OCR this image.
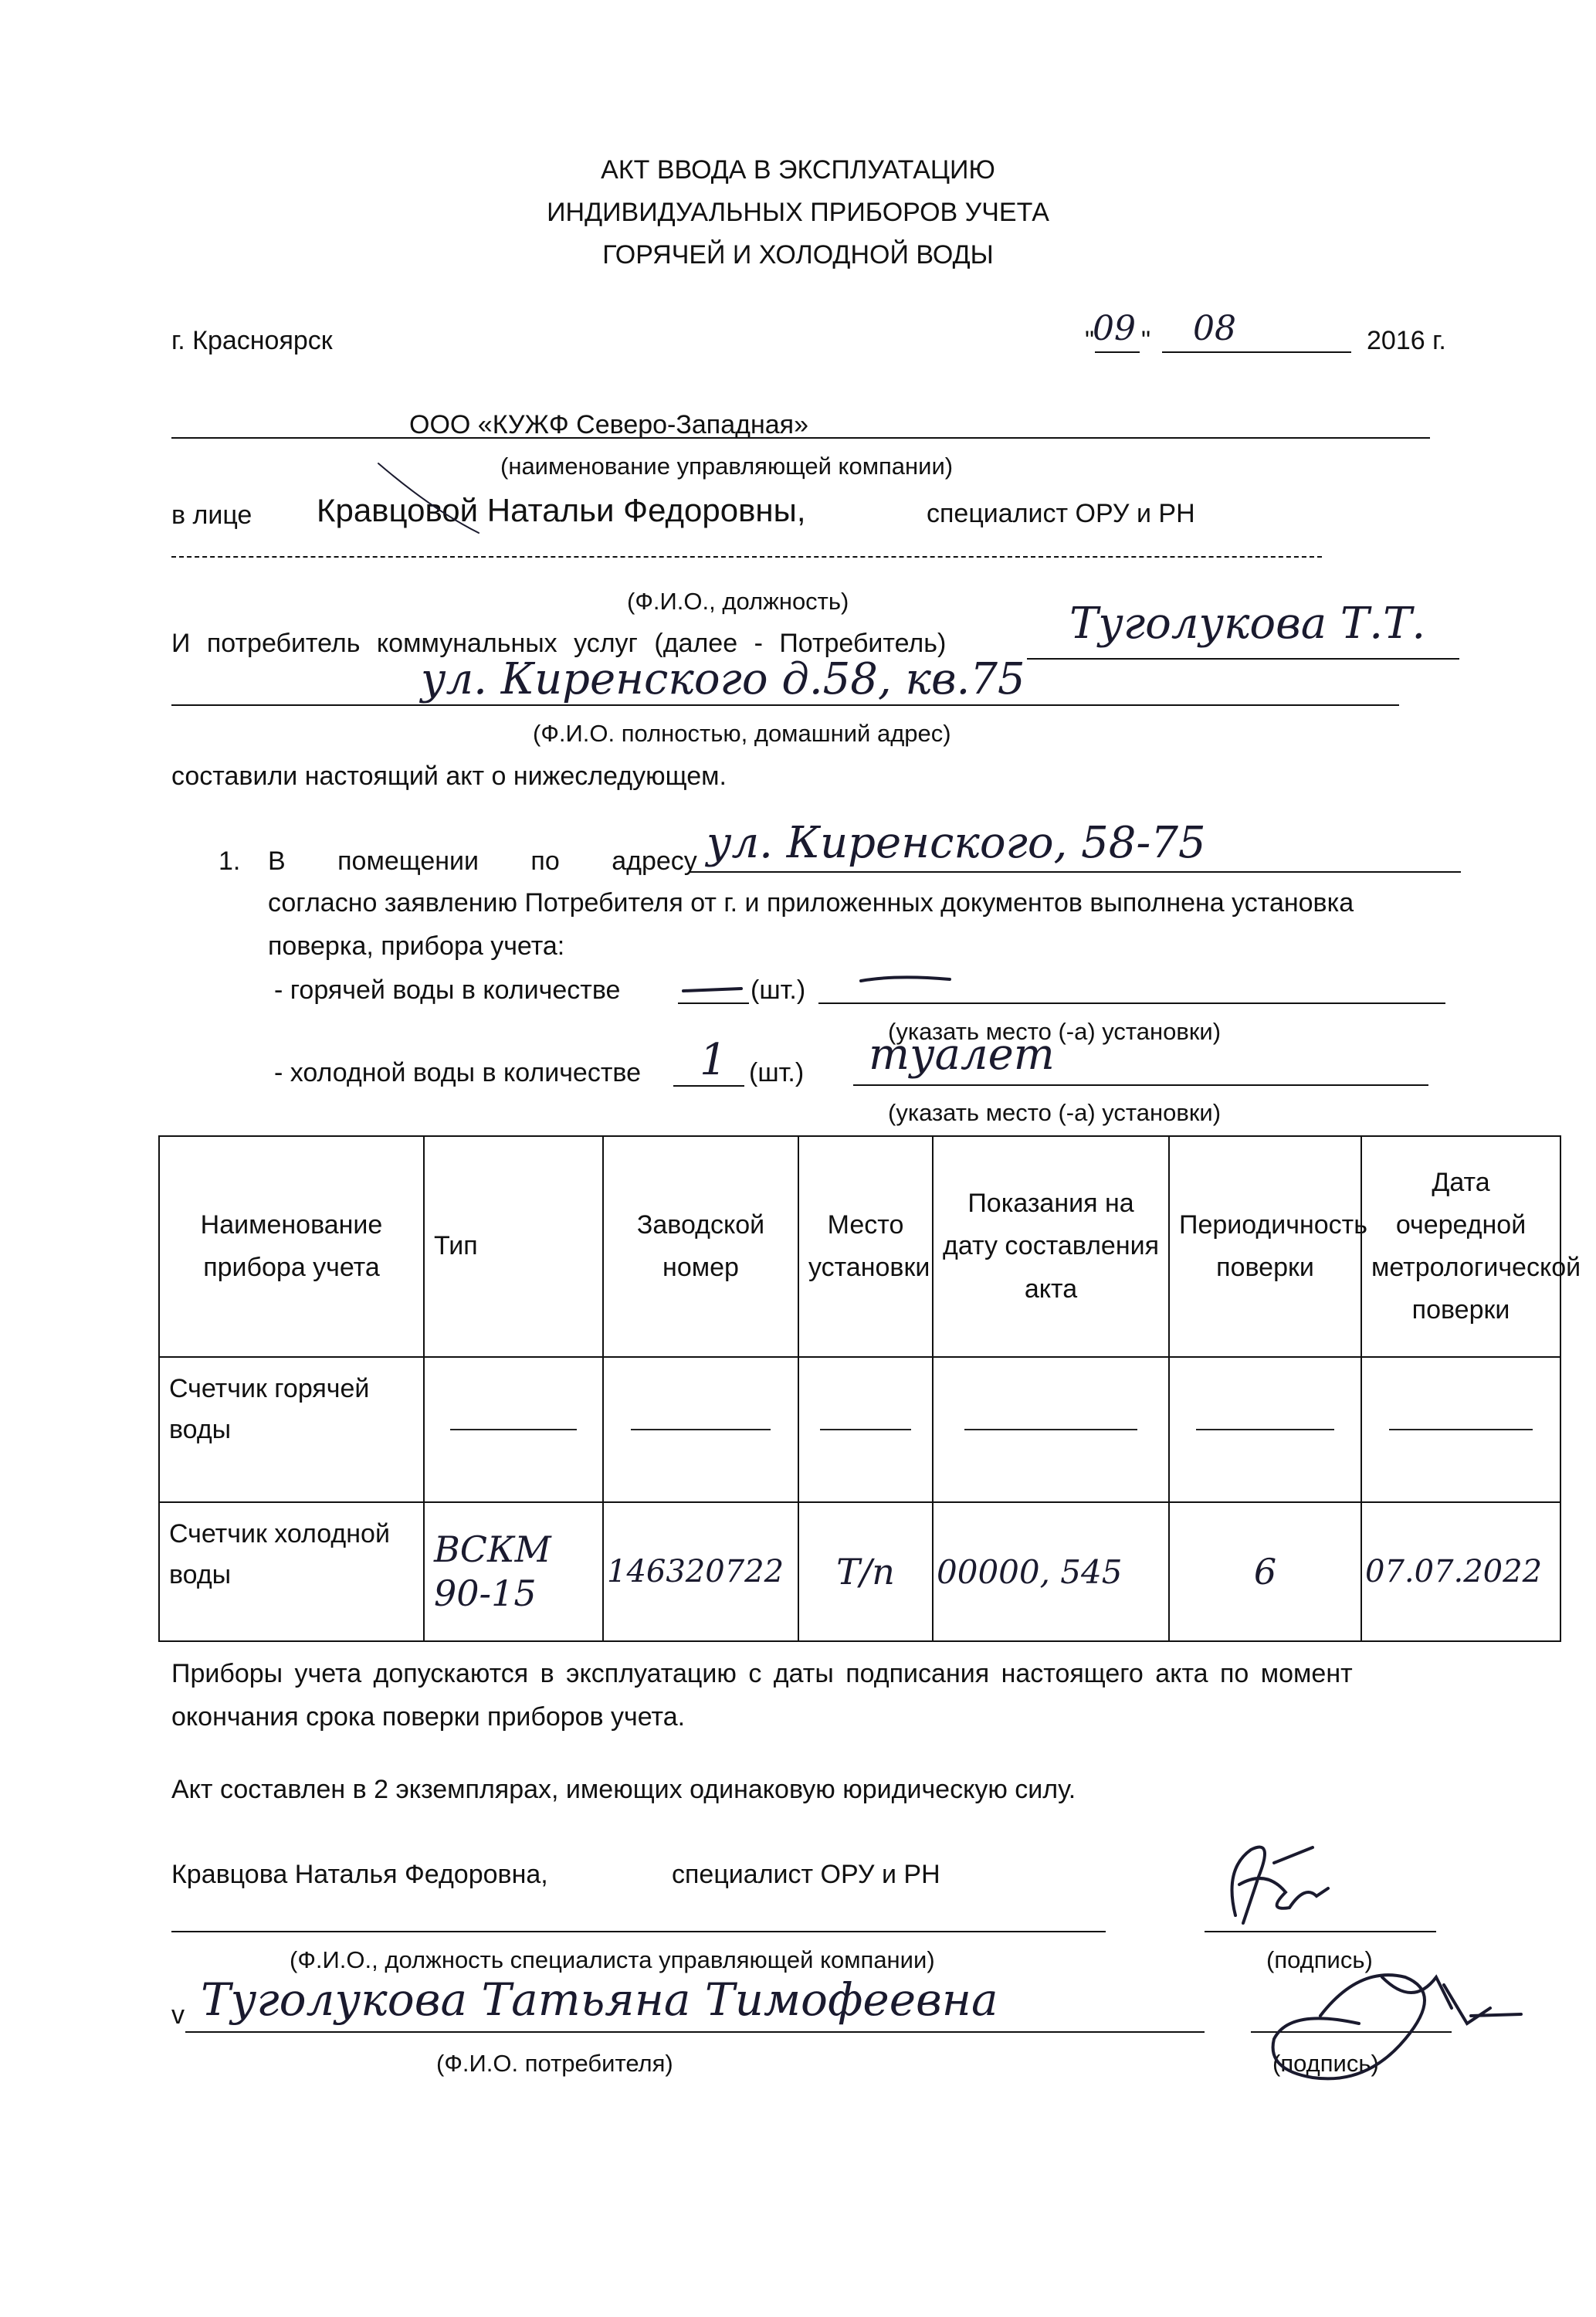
АКТ ВВОДА В ЭКСПЛУАТАЦИЮ
ИНДИВИДУАЛЬНЫХ ПРИБОРОВ УЧЕТА
ГОРЯЧЕЙ И ХОЛОДНОЙ ВОДЫ
г. Красноярск	"
09 " 08	2016 г.
ООО «КУЖФ Северо-Западная»
(наименование управляющей компании)
в лице Кравцовой Натальи Федоровны,	специалист ОРУ и РН
(Ф.И.О., должность)
И потребитель коммунальных услуг (далее - Потребитель)	Туголукова Т.Т.
ул. Киренского д.58, кв.75
(Ф.И.О. полностью, домашний адрес)
составили настоящий акт о нижеследующем.
1. В помещении по адресу ул. Киренского, 58-75
согласно заявлению Потребителя от г. и приложенных документов выполнена установка
поверка, прибора учета:
- горячей воды в количестве	(шт.)
(указать место (-а) установки)
- холодной воды в количестве 1 (шт.) туалет
(указать место (-а) установки)
Наименование прибора учета	Тип	Заводской номер	Место установки	Показания на дату составления акта	Периодичность поверки	Дата очередной метрологической поверки
Счетчик горячей воды	

Счетчик холодной воды	ВСКМ 90-15	146320722	Т/п	00000, 545	6	07.07.2022
Приборы учета допускаются в эксплуатацию с даты подписания настоящего акта по момент
окончания срока поверки приборов учета.
Акт составлен в 2 экземплярах, имеющих одинаковую юридическую силу.
Кравцова Наталья Федоровна,	специалист ОРУ и РН
(Ф.И.О., должность специалиста управляющей компании)	(подпись)
v Туголукова Татьяна Тимофеевна
(Ф.И.О. потребителя)	(подпись)
